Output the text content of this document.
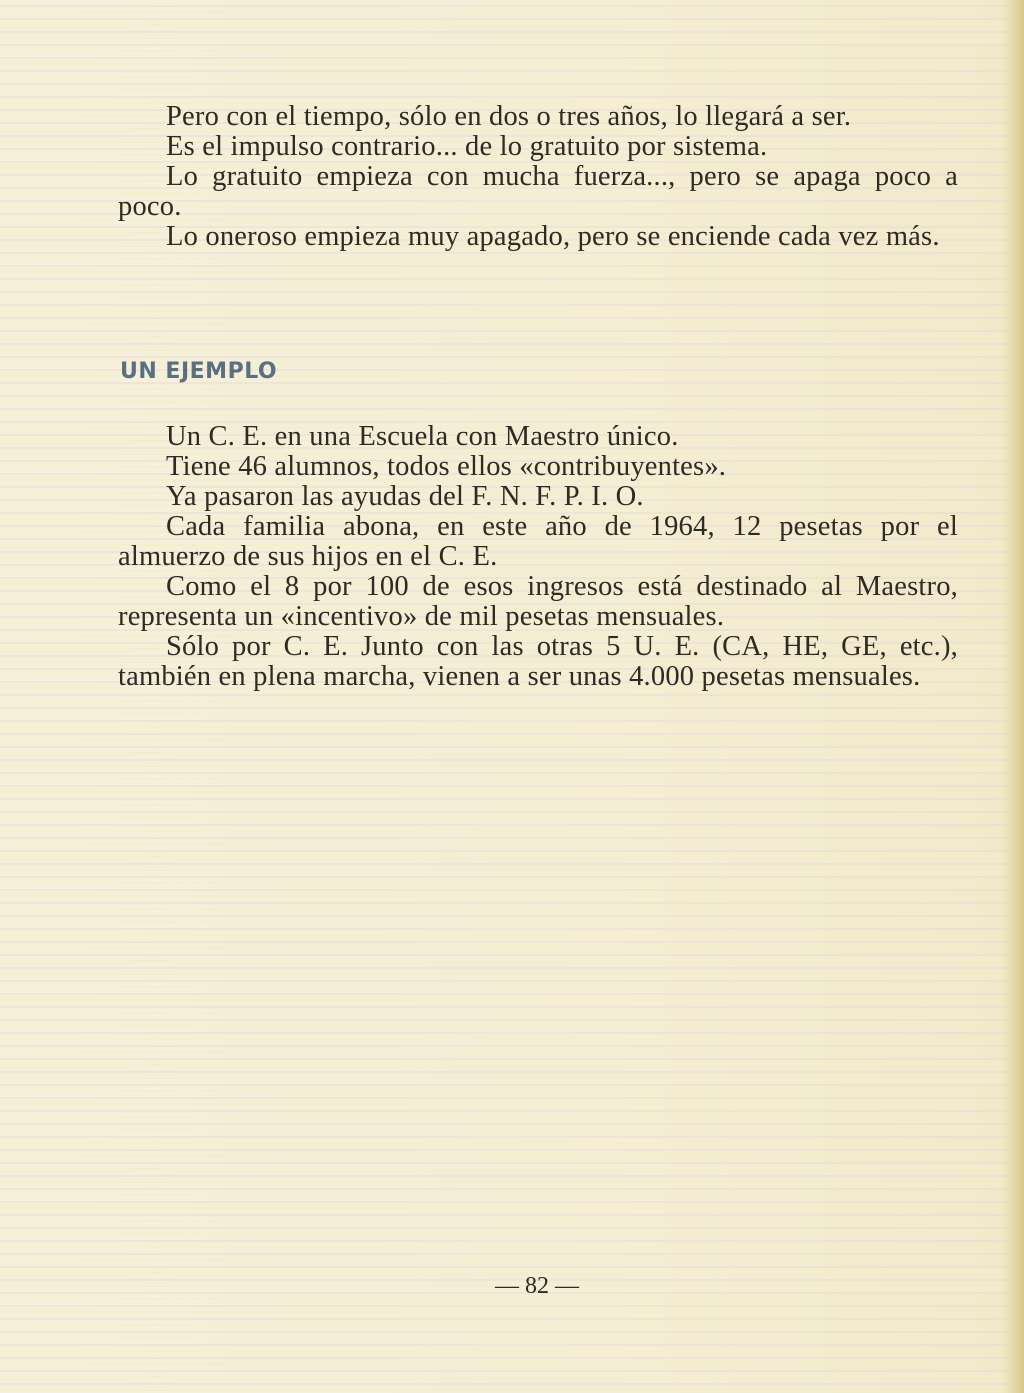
Pero con el tiempo, sólo en dos o tres años, lo llegará a ser.

Es el impulso contrario... de lo gratuito por sistema.

Lo gratuito empieza con mucha fuerza..., pero se apaga poco a poco.

Lo oneroso empieza muy apagado, pero se enciende cada vez más.

UN EJEMPLO

Un C. E. en una Escuela con Maestro único.

Tiene 46 alumnos, todos ellos «contribuyentes».

Ya pasaron las ayudas del F. N. F. P. I. O.

Cada familia abona, en este año de 1964, 12 pesetas por el almuerzo de sus hijos en el C. E.

Como el 8 por 100 de esos ingresos está destinado al Maestro, representa un «incentivo» de mil pesetas mensuales.

Sólo por C. E. Junto con las otras 5 U. E. (CA, HE, GE, etc.), también en plena marcha, vienen a ser unas 4.000 pesetas mensuales.

— 82 —
